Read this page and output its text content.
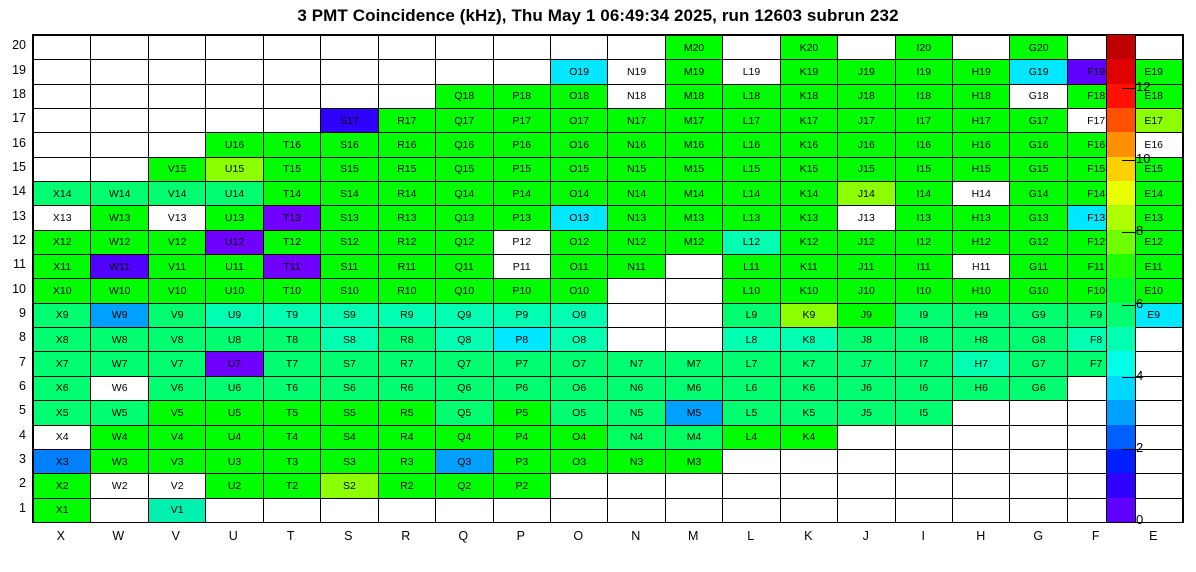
3 PMT Coincidence (kHz), Thu May 1 06:49:34 2025, run 12603 subrun 232
											M20		K20		I20		G20		
									O19	N19	M19	L19	K19	J19	I19	H19	G19	F19	E19
							Q18	P18	O18	N18	M18	L18	K18	J18	I18	H18	G18	F18	E18
					S17	R17	Q17	P17	O17	N17	M17	L17	K17	J17	I17	H17	G17	F17	E17
			U16	T16	S16	R16	Q16	P16	O16	N16	M16	L16	K16	J16	I16	H16	G16	F16	E16
		V15	U15	T15	S15	R15	Q15	P15	O15	N15	M15	L15	K15	J15	I15	H15	G15	F15	E15
X14	W14	V14	U14	T14	S14	R14	Q14	P14	O14	N14	M14	L14	K14	J14	I14	H14	G14	F14	E14
X13	W13	V13	U13	T13	S13	R13	Q13	P13	O13	N13	M13	L13	K13	J13	I13	H13	G13	F13	E13
X12	W12	V12	U12	T12	S12	R12	Q12	P12	O12	N12	M12	L12	K12	J12	I12	H12	G12	F12	E12
X11	W11	V11	U11	T11	S11	R11	Q11	P11	O11	N11		L11	K11	J11	I11	H11	G11	F11	E11
X10	W10	V10	U10	T10	S10	R10	Q10	P10	O10			L10	K10	J10	I10	H10	G10	F10	E10
X9	W9	V9	U9	T9	S9	R9	Q9	P9	O9			L9	K9	J9	I9	H9	G9	F9	E9
X8	W8	V8	U8	T8	S8	R8	Q8	P8	O8			L8	K8	J8	I8	H8	G8	F8	
X7	W7	V7	U7	T7	S7	R7	Q7	P7	O7	N7	M7	L7	K7	J7	I7	H7	G7	F7	
X6	W6	V6	U6	T6	S6	R6	Q6	P6	O6	N6	M6	L6	K6	J6	I6	H6	G6		
X5	W5	V5	U5	T5	S5	R5	Q5	P5	O5	N5	M5	L5	K5	J5	I5				
X4	W4	V4	U4	T4	S4	R4	Q4	P4	O4	N4	M4	L4	K4						
X3	W3	V3	U3	T3	S3	R3	Q3	P3	O3	N3	M3								
X2	W2	V2	U2	T2	S2	R2	Q2	P2											
X1		V1																	
20
19
18
17
16
15
14
13
12
11
10
9
8
7
6
5
4
3
2
1
X	W	V	U	T	S	R	Q	P	O	N	M	L	K	J	I	H	G	F	E
0
2
4
6
8
10
12
